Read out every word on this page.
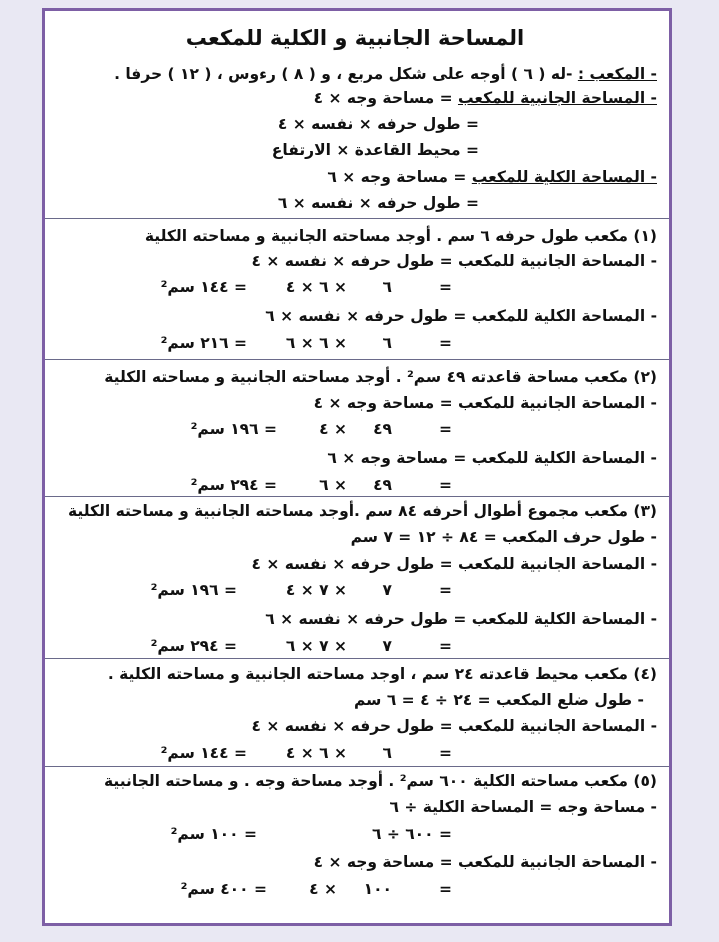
المساحة الجانبية و الكلية للمكعب
- المكعب : -له ( ٦ ) أوجه على شكل مربع ، و ( ٨ ) رءوس ، ( ١٢ ) حرفا .
- المساحة الجانبية للمكعب = مساحة وجه × ٤
= طول حرفه × نفسه × ٤
= محيط القاعدة × الارتفاع
- المساحة الكلية للمكعب = مساحة وجه × ٦
= طول حرفه × نفسه × ٦
(١) مكعب طول حرفه ٦ سم . أوجد مساحته الجانبية و مساحته الكلية
- المساحة الجانبية للمكعب = طول حرفه × نفسه × ٤
=
٦
× ٦ × ٤
= ١٤٤ سم²
- المساحة الكلية للمكعب = طول حرفه × نفسه × ٦
=
٦
× ٦ × ٦
= ٢١٦ سم²
(٢) مكعب مساحة قاعدته ٤٩ سم² . أوجد مساحته الجانبية و مساحته الكلية
- المساحة الجانبية للمكعب = مساحة وجه × ٤
=
٤٩
× ٤
= ١٩٦ سم²
- المساحة الكلية للمكعب = مساحة وجه × ٦
=
٤٩
× ٦
= ٢٩٤ سم²
(٣) مكعب مجموع أطوال أحرفه ٨٤ سم .أوجد مساحته الجانبية و مساحته الكلية
- طول حرف المكعب = ٨٤ ÷ ١٢ = ٧ سم
- المساحة الجانبية للمكعب = طول حرفه × نفسه × ٤
=
٧
× ٧ × ٤
= ١٩٦ سم²
- المساحة الكلية للمكعب = طول حرفه × نفسه × ٦
=
٧
× ٧ × ٦
= ٢٩٤ سم²
(٤) مكعب محيط قاعدته ٢٤ سم ، اوجد مساحته الجانبية و مساحته الكلية .
- طول ضلع المكعب = ٢٤ ÷ ٤ = ٦ سم
- المساحة الجانبية للمكعب = طول حرفه × نفسه × ٤
=
٦
× ٦ × ٤
= ١٤٤ سم²
(٥) مكعب مساحته الكلية ٦٠٠ سم² . أوجد مساحة وجه . و مساحته الجانبية
- مساحة وجه = المساحة الكلية ÷ ٦
= ٦٠٠ ÷ ٦
= ١٠٠ سم²
- المساحة الجانبية للمكعب = مساحة وجه × ٤
=
١٠٠
× ٤
= ٤٠٠ سم²
